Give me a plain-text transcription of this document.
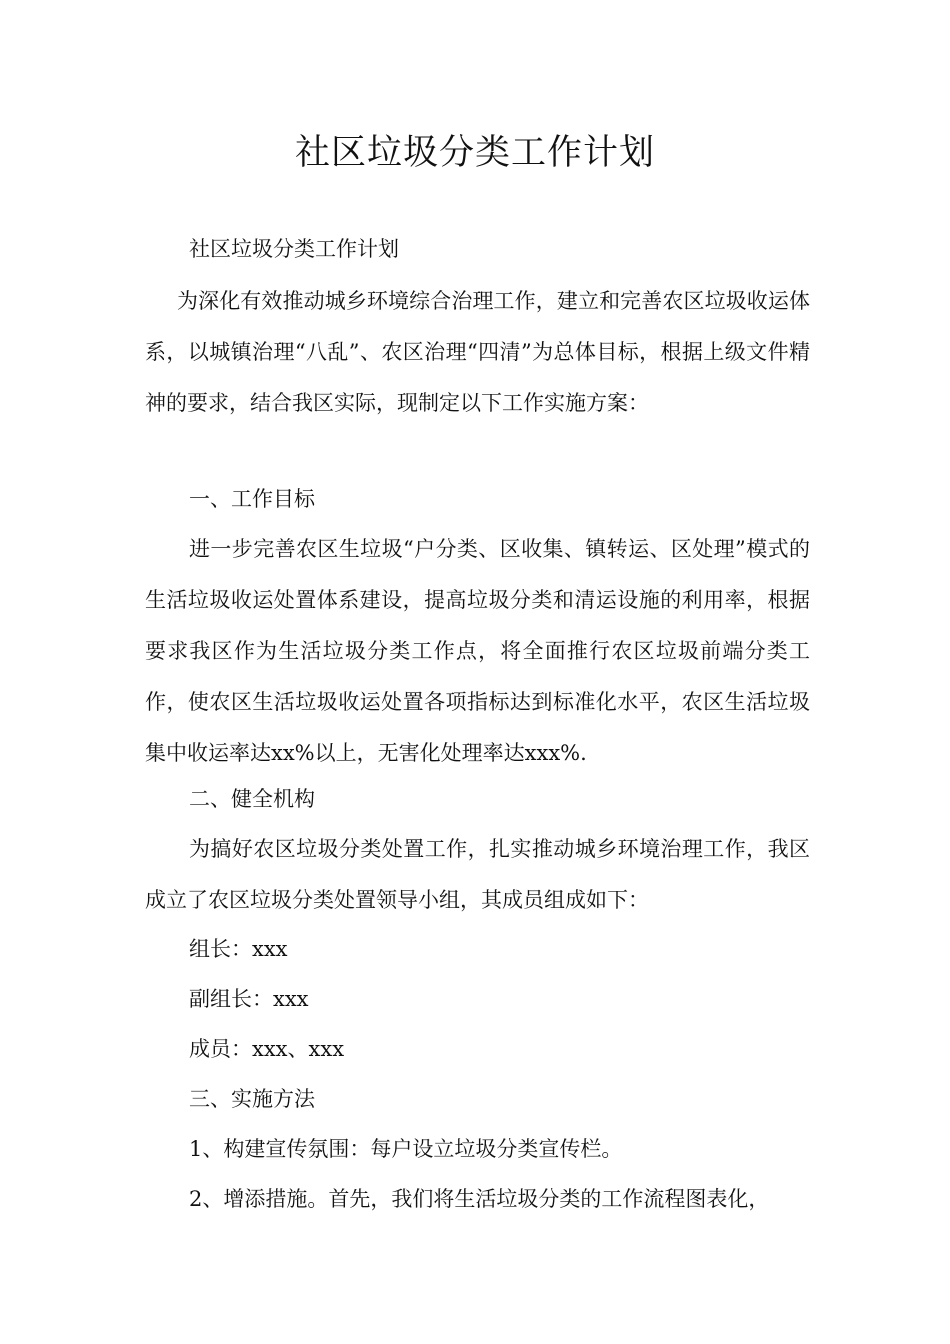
社区垃圾分类工作计划

社区垃圾分类工作计划

为深化有效推动城乡环境综合治理工作，建立和完善农区垃圾收运体系，以城镇治理“八乱”、农区治理“四清”为总体目标，根据上级文件精神的要求，结合我区实际，现制定以下工作实施方案：

一、工作目标

进一步完善农区生垃圾“户分类、区收集、镇转运、区处理”模式的生活垃圾收运处置体系建设，提高垃圾分类和清运设施的利用率，根据要求我区作为生活垃圾分类工作点，将全面推行农区垃圾前端分类工作，使农区生活垃圾收运处置各项指标达到标准化水平，农区生活垃圾集中收运率达xx%以上，无害化处理率达xxx%.

二、健全机构

为搞好农区垃圾分类处置工作，扎实推动城乡环境治理工作，我区成立了农区垃圾分类处置领导小组，其成员组成如下：

组长：xxx

副组长：xxx

成员：xxx、xxx

三、实施方法

1、构建宣传氛围：每户设立垃圾分类宣传栏。

2、增添措施。首先，我们将生活垃圾分类的工作流程图表化，
